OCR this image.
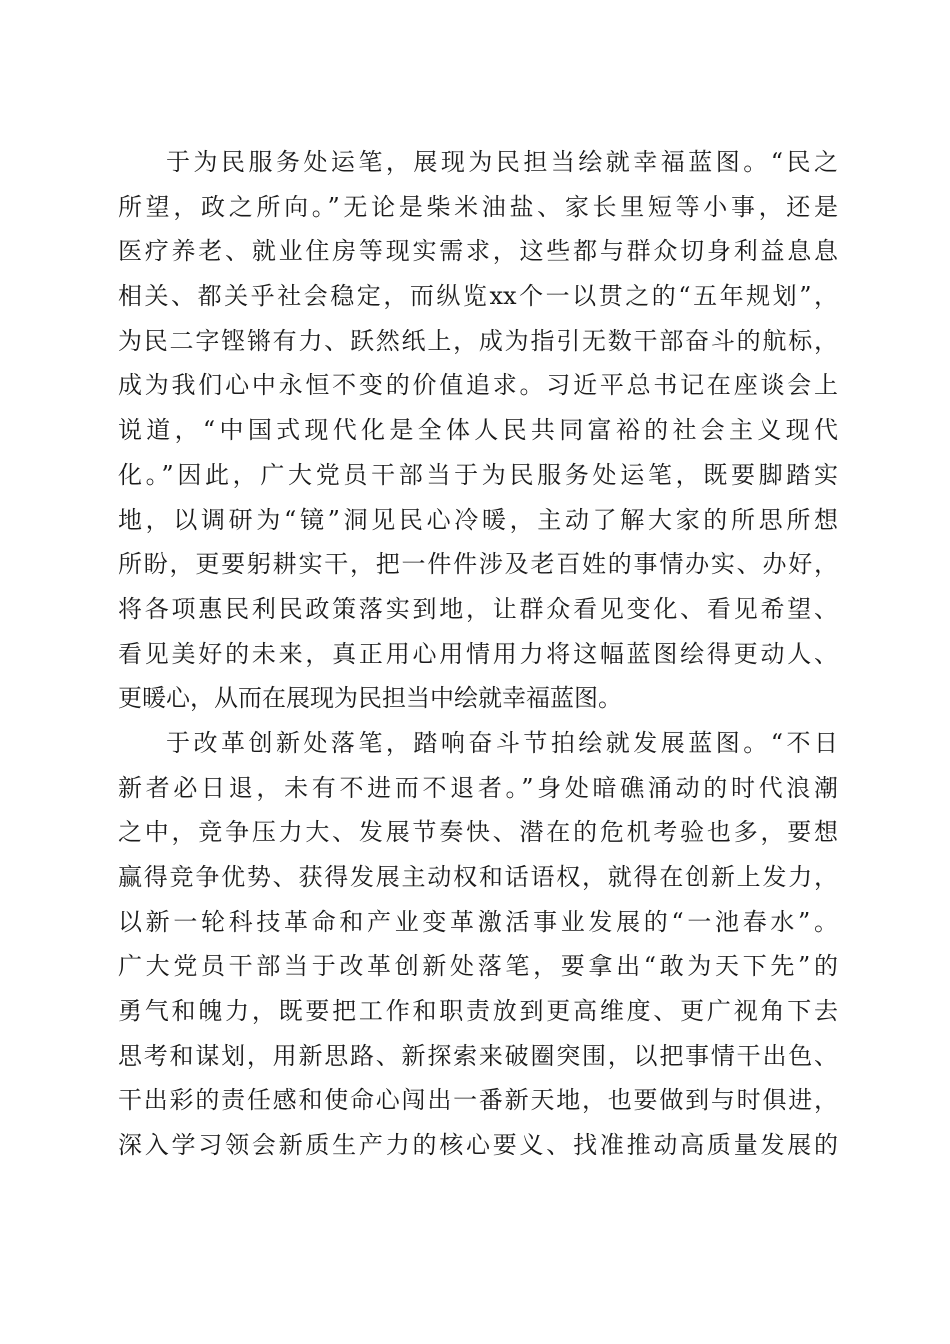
于为民服务处运笔，展现为民担当绘就幸福蓝图。“民之
所望，政之所向。”无论是柴米油盐、家长里短等小事，还是
医疗养老、就业住房等现实需求，这些都与群众切身利益息息
相关、都关乎社会稳定，而纵览xx个一以贯之的“五年规划”，
为民二字铿锵有力、跃然纸上，成为指引无数干部奋斗的航标，
成为我们心中永恒不变的价值追求。习近平总书记在座谈会上
说道，“中国式现代化是全体人民共同富裕的社会主义现代
化。”因此，广大党员干部当于为民服务处运笔，既要脚踏实
地，以调研为“镜”洞见民心冷暖，主动了解大家的所思所想
所盼，更要躬耕实干，把一件件涉及老百姓的事情办实、办好，
将各项惠民利民政策落实到地，让群众看见变化、看见希望、
看见美好的未来，真正用心用情用力将这幅蓝图绘得更动人、
更暖心，从而在展现为民担当中绘就幸福蓝图。
于改革创新处落笔，踏响奋斗节拍绘就发展蓝图。“不日
新者必日退，未有不进而不退者。”身处暗礁涌动的时代浪潮
之中，竞争压力大、发展节奏快、潜在的危机考验也多，要想
赢得竞争优势、获得发展主动权和话语权，就得在创新上发力，
以新一轮科技革命和产业变革激活事业发展的“一池春水”。
广大党员干部当于改革创新处落笔，要拿出“敢为天下先”的
勇气和魄力，既要把工作和职责放到更高维度、更广视角下去
思考和谋划，用新思路、新探索来破圈突围，以把事情干出色、
干出彩的责任感和使命心闯出一番新天地，也要做到与时俱进，
深入学习领会新质生产力的核心要义、找准推动高质量发展的
